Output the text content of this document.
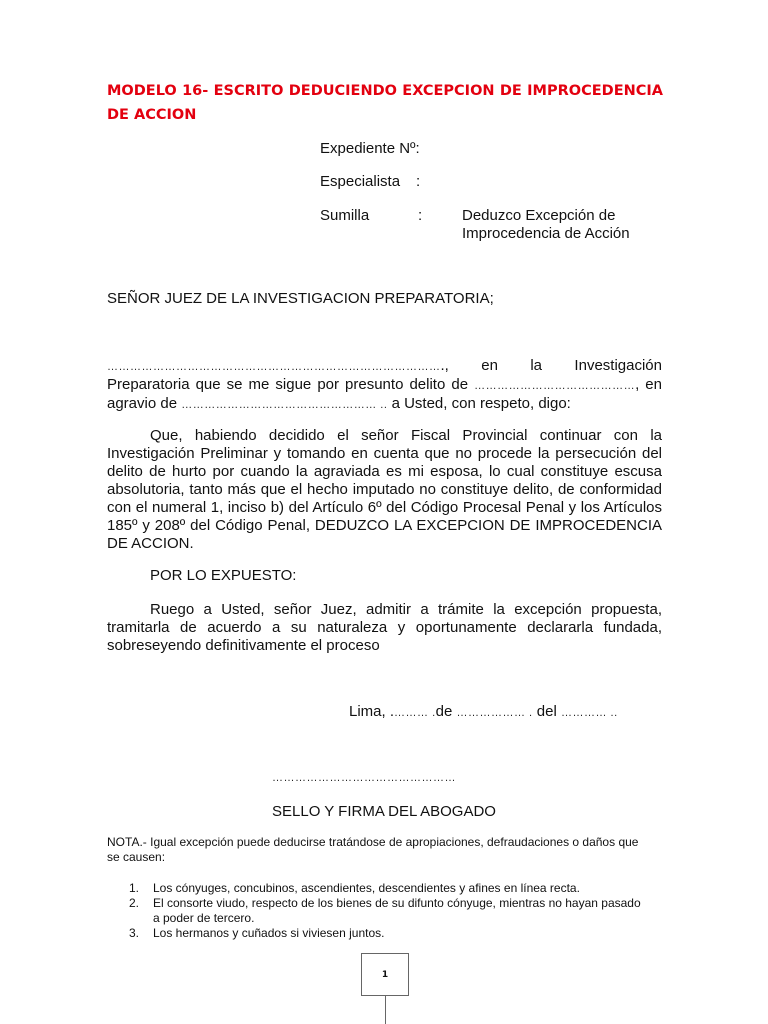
MODELO 16- ESCRITO DEDUCIENDO EXCEPCION DE IMPROCEDENCIA DE ACCION
Expediente Nº:
Especialista :
Sumilla	:	Deduzco Excepción de
Improcedencia de Acción
SEÑOR JUEZ DE LA INVESTIGACION PREPARATORIA;

……………………………………………………………………………., en la Investigación Preparatoria que se me sigue por presunto delito de ……………………………………, en agravio de …………………………………………… .. a Usted, con respeto, digo:

Que, habiendo decidido el señor Fiscal Provincial continuar con la Investigación Preliminar y tomando en cuenta que no procede la persecución del delito de hurto por cuando la agraviada es mi esposa, lo cual constituye escusa absolutoria, tanto más que el hecho imputado no constituye delito, de conformidad con el numeral 1, inciso b) del Artículo 6º del Código Procesal Penal y los Artículos 185º y 208º del Código Penal, DEDUZCO LA EXCEPCION DE IMPROCEDENCIA DE ACCION.

POR LO EXPUESTO:

Ruego a Usted, señor Juez, admitir a trámite la excepción propuesta, tramitarla de acuerdo a su naturaleza y oportunamente declararla fundada, sobreseyendo definitivamente el proceso

Lima, .……… .de ……………… . del ………… ..
…………………………………………
SELLO Y FIRMA DEL ABOGADO
NOTA.- Igual excepción puede deducirse tratándose de apropiaciones, defraudaciones o daños que se causen:
1. Los cónyuges, concubinos, ascendientes, descendientes y afines en línea recta.
2. El consorte viudo, respecto de los bienes de su difunto cónyuge, mientras no hayan pasado a poder de tercero.
3. Los hermanos y cuñados si viviesen juntos.
1
